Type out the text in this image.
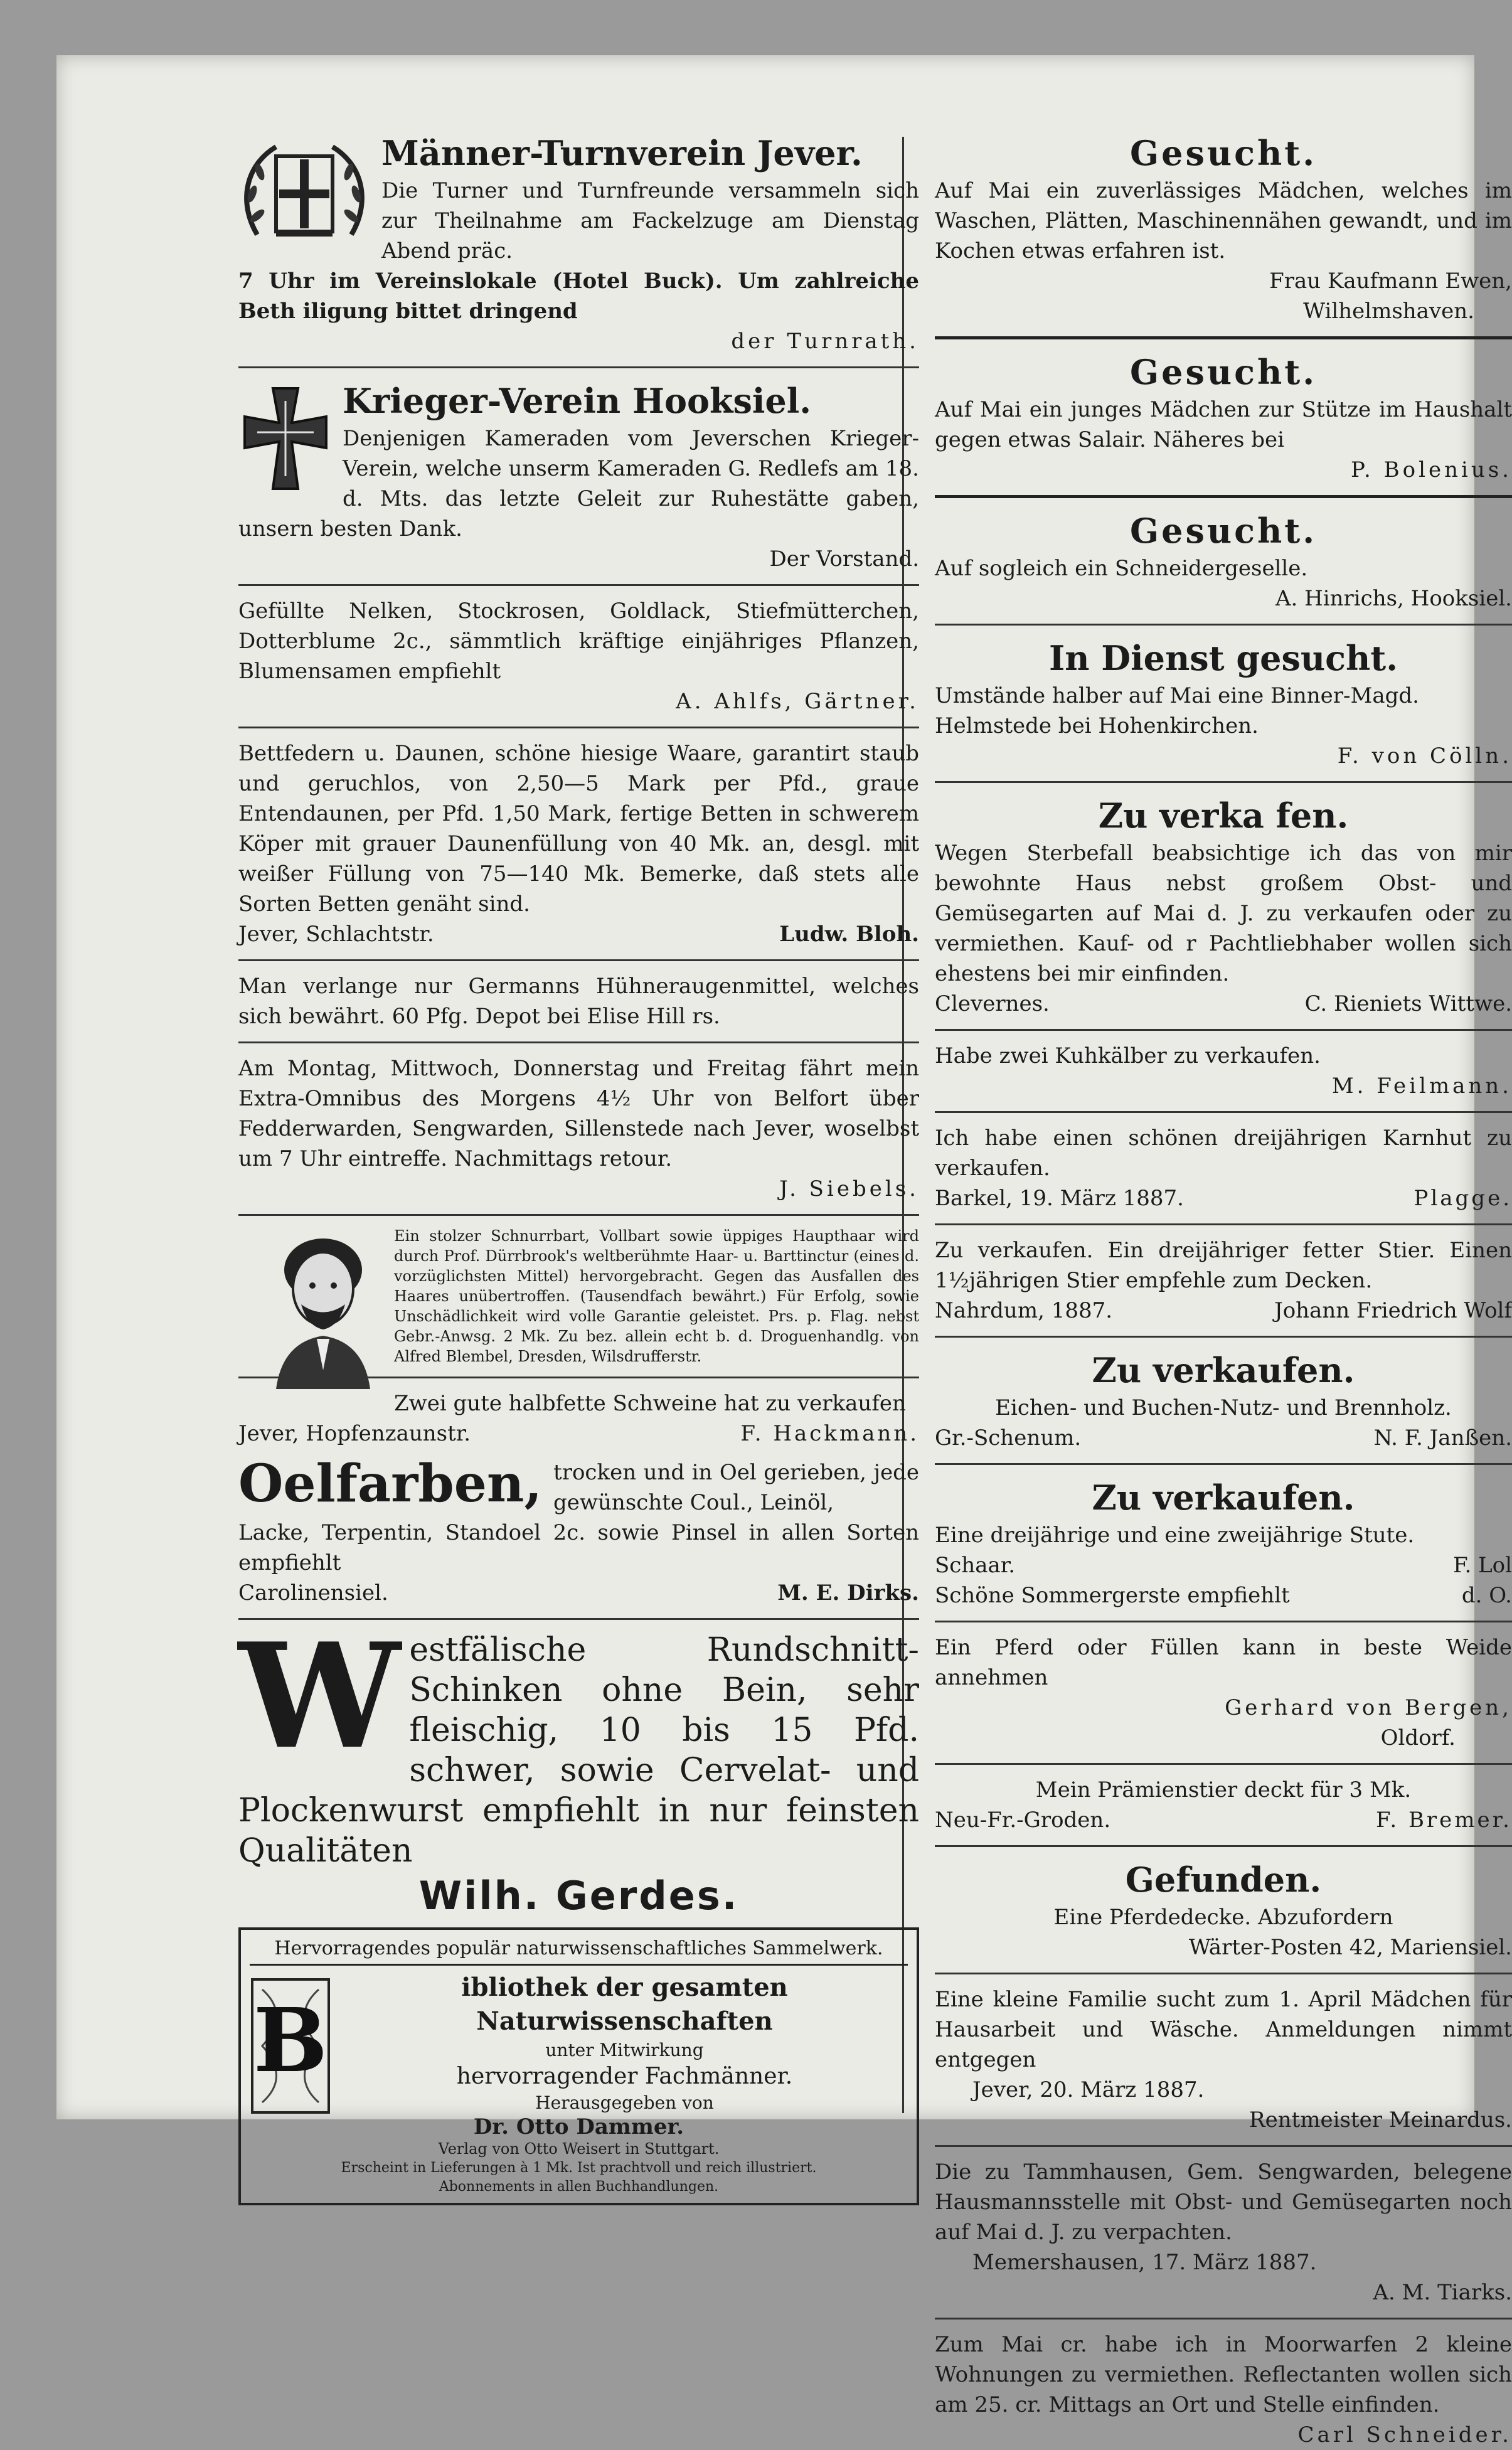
Männer-Turnverein Jever.

Die Turner und Turnfreunde versammeln sich zur Theilnahme am Fackelzuge am Dienstag Abend präc.

7 Uhr im Vereinslokale (Hotel Buck). Um zahlreiche Beth iligung bittet dringend

der Turnrath.

Krieger-Verein Hooksiel.

Denjenigen Kameraden vom Jeverschen Krieger-Verein, welche unserm Kameraden G. Redlefs am 18. d. Mts. das letzte Geleit zur Ruhestätte gaben, unsern besten Dank.

Der Vorstand.

Gefüllte Nelken, Stockrosen, Goldlack, Stiefmütterchen, Dotterblume 2c., sämmtlich kräftige einjähriges Pflanzen, Blumensamen empfiehlt

A. Ahlfs, Gärtner.

Bettfedern u. Daunen, schöne hiesige Waare, garantirt staub und geruchlos, von 2,50—5 Mark per Pfd., graue Entendaunen, per Pfd. 1,50 Mark, fertige Betten in schwerem Köper mit grauer Daunenfüllung von 40 Mk. an, desgl. mit weißer Füllung von 75—140 Mk. Bemerke, daß stets alle Sorten Betten genäht sind.

Jever, Schlachtstr.	Ludw. Bloh.

Man verlange nur Germanns Hühneraugenmittel, welches sich bewährt. 60 Pfg. Depot bei Elise Hill rs.

Am Montag, Mittwoch, Donnerstag und Freitag fährt mein Extra-Omnibus des Morgens 4½ Uhr von Belfort über Fedderwarden, Sengwarden, Sillenstede nach Jever, woselbst um 7 Uhr eintreffe. Nachmittags retour.

J. Siebels.

Ein stolzer Schnurrbart, Vollbart sowie üppiges Haupthaar wird durch Prof. Dürrbrook's weltberühmte Haar- u. Barttinctur (eines d. vorzüglichsten Mittel) hervorgebracht. Gegen das Ausfallen des Haares unübertroffen. (Tausendfach bewährt.) Für Erfolg, sowie Unschädlichkeit wird volle Garantie geleistet. Prs. p. Flag. nebst Gebr.-Anwsg. 2 Mk. Zu bez. allein echt b. d. Droguenhandlg. von Alfred Blembel, Dresden, Wilsdrufferstr.

Zwei gute halbfette Schweine hat zu verkaufen

Jever, Hopfenzaunstr.	F. Hackmann.
Oelfarben, trocken und in Oel gerieben, jede gewünschte Coul., Leinöl,

Lacke, Terpentin, Standoel 2c. sowie Pinsel in allen Sorten empfiehlt

Carolinensiel.	M. E. Dirks.
W estfälische Rundschnitt-Schinken ohne Bein, sehr fleischig, 10 bis 15 Pfd. schwer, sowie Cervelat- und Plockenwurst empfiehlt in nur feinsten Qualitäten

Wilh. Gerdes.
Hervorragendes populär naturwissenschaftliches Sammelwerk.
B
ibliothek der gesamten Naturwissenschaften
unter Mitwirkung
hervorragender Fachmänner.
Herausgegeben von
Dr. Otto Dammer.
Verlag von Otto Weisert in Stuttgart.
Erscheint in Lieferungen à 1 Mk. Ist prachtvoll und reich illustriert.
Abonnements in allen Buchhandlungen.
Gesucht.

Auf Mai ein zuverlässiges Mädchen, welches im Waschen, Plätten, Maschinennähen gewandt, und im Kochen etwas erfahren ist.

Frau Kaufmann Ewen,

Wilhelmshaven.

Gesucht.

Auf Mai ein junges Mädchen zur Stütze im Haushalt gegen etwas Salair. Näheres bei

P. Bolenius.

Gesucht.

Auf sogleich ein Schneidergeselle.

A. Hinrichs, Hooksiel.

In Dienst gesucht.

Umstände halber auf Mai eine Binner-Magd.

Helmstede bei Hohenkirchen.

F. von Cölln.

Zu verka fen.

Wegen Sterbefall beabsichtige ich das von mir bewohnte Haus nebst großem Obst- und Gemüsegarten auf Mai d. J. zu verkaufen oder zu vermiethen. Kauf- od r Pachtliebhaber wollen sich ehestens bei mir einfinden.

Clevernes.	C. Rieniets Wittwe.

Habe zwei Kuhkälber zu verkaufen.

M. Feilmann.

Ich habe einen schönen dreijährigen Karnhut zu verkaufen.

Barkel, 19. März 1887.	Plagge.

Zu verkaufen. Ein dreijähriger fetter Stier. Einen 1½jährigen Stier empfehle zum Decken.

Nahrdum, 1887.	Johann Friedrich Wolf
Zu verkaufen.

Eichen- und Buchen-Nutz- und Brennholz.

Gr.-Schenum.	N. F. Janßen.
Zu verkaufen.

Eine dreijährige und eine zweijährige Stute.

Schaar.	F. Lol
Schöne Sommergerste empfiehlt	d. O.

Ein Pferd oder Füllen kann in beste Weide annehmen

Gerhard von Bergen,

Oldorf.

Mein Prämienstier deckt für 3 Mk.

Neu-Fr.-Groden.	F. Bremer.
Gefunden.

Eine Pferdedecke. Abzufordern

Wärter-Posten 42, Mariensiel.

Eine kleine Familie sucht zum 1. April Mädchen für Hausarbeit und Wäsche. Anmeldungen nimmt entgegen

Jever, 20. März 1887.

Rentmeister Meinardus.

Die zu Tammhausen, Gem. Sengwarden, belegene Hausmannsstelle mit Obst- und Gemüsegarten noch auf Mai d. J. zu verpachten.

Memershausen, 17. März 1887.

A. M. Tiarks.

Zum Mai cr. habe ich in Moorwarfen 2 kleine Wohnungen zu vermiethen. Reflectanten wollen sich am 25. cr. Mittags an Ort und Stelle einfinden.

Carl Schneider.
